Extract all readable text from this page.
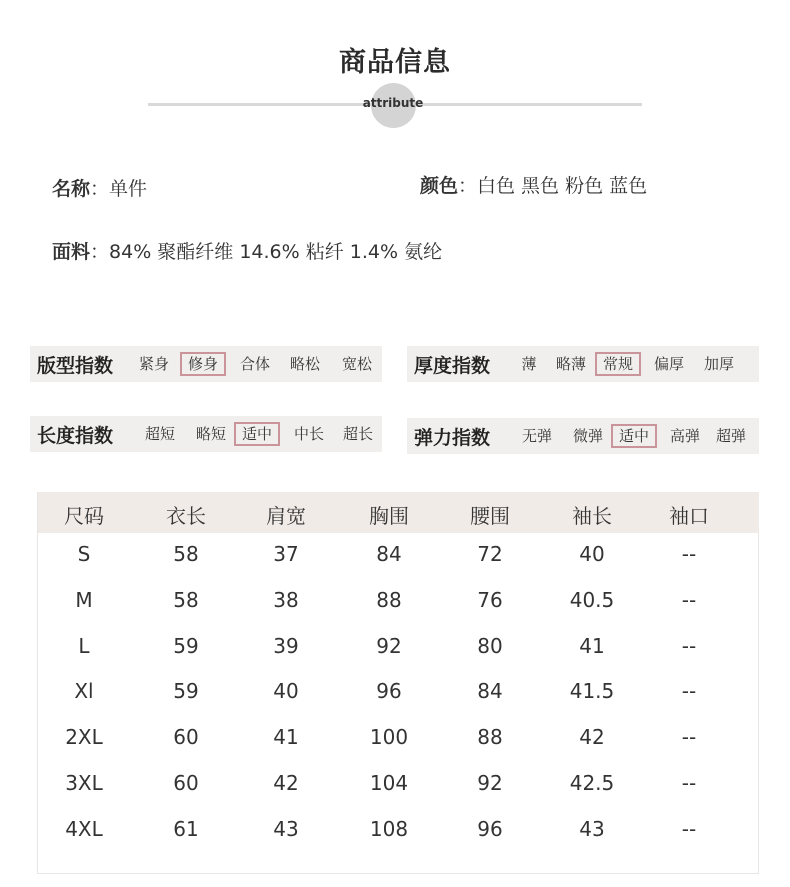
商品信息
attribute
名称：单件	颜色：白色 黑色 粉色 蓝色
面料：84% 聚酯纤维 14.6% 粘纤 1.4% 氨纶
版型指数 紧身	修身	合体 略松 宽松 厚度指数 薄 略薄	常规	偏厚 加厚
长度指数 超短 略短	适中	中长 超长 弹力指数 无弹 微弹	适中	高弹 超弹
尺码	衣长	肩宽	胸围	腰围	袖长	袖口
S	58	37	84	72	40	--
M	58	38	88	76	40.5	--
L	59	39	92	80	41	--
Xl	59	40	96	84	41.5	--
2XL	60	41	100	88	42	--
3XL	60	42	104	92	42.5	--
4XL	61	43	108	96	43	--
